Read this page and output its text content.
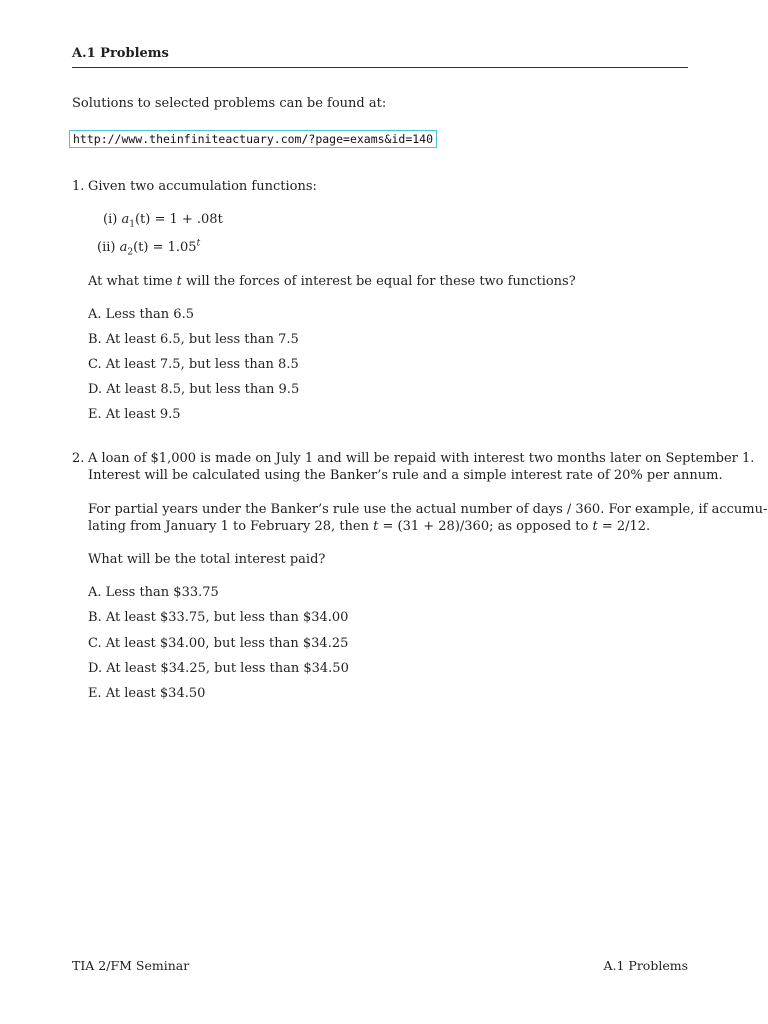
A.1 Problems
Solutions to selected problems can be found at:
http://www.theinfiniteactuary.com/?page=exams&id=140
1. Given two accumulation functions:
(i) $a_1(t) = 1 + .08t$
(ii) $a_2(t) = 1.05^t$
At what time t will the forces of interest be equal for these two functions?
A. Less than 6.5
B. At least 6.5, but less than 7.5
C. At least 7.5, but less than 8.5
D. At least 8.5, but less than 9.5
E. At least 9.5
2. A loan of $1,000 is made on July 1 and will be repaid with interest two months later on September 1.
Interest will be calculated using the Banker’s rule and a simple interest rate of 20% per annum.
For partial years under the Banker’s rule use the actual number of days / 360. For example, if accumu-
lating from January 1 to February 28, then t = (31 + 28)/360; as opposed to t = 2/12.
What will be the total interest paid?
A. Less than $33.75
B. At least $33.75, but less than $34.00
C. At least $34.00, but less than $34.25
D. At least $34.25, but less than $34.50
E. At least $34.50
TIA 2/FM Seminar	A.1 Problems
